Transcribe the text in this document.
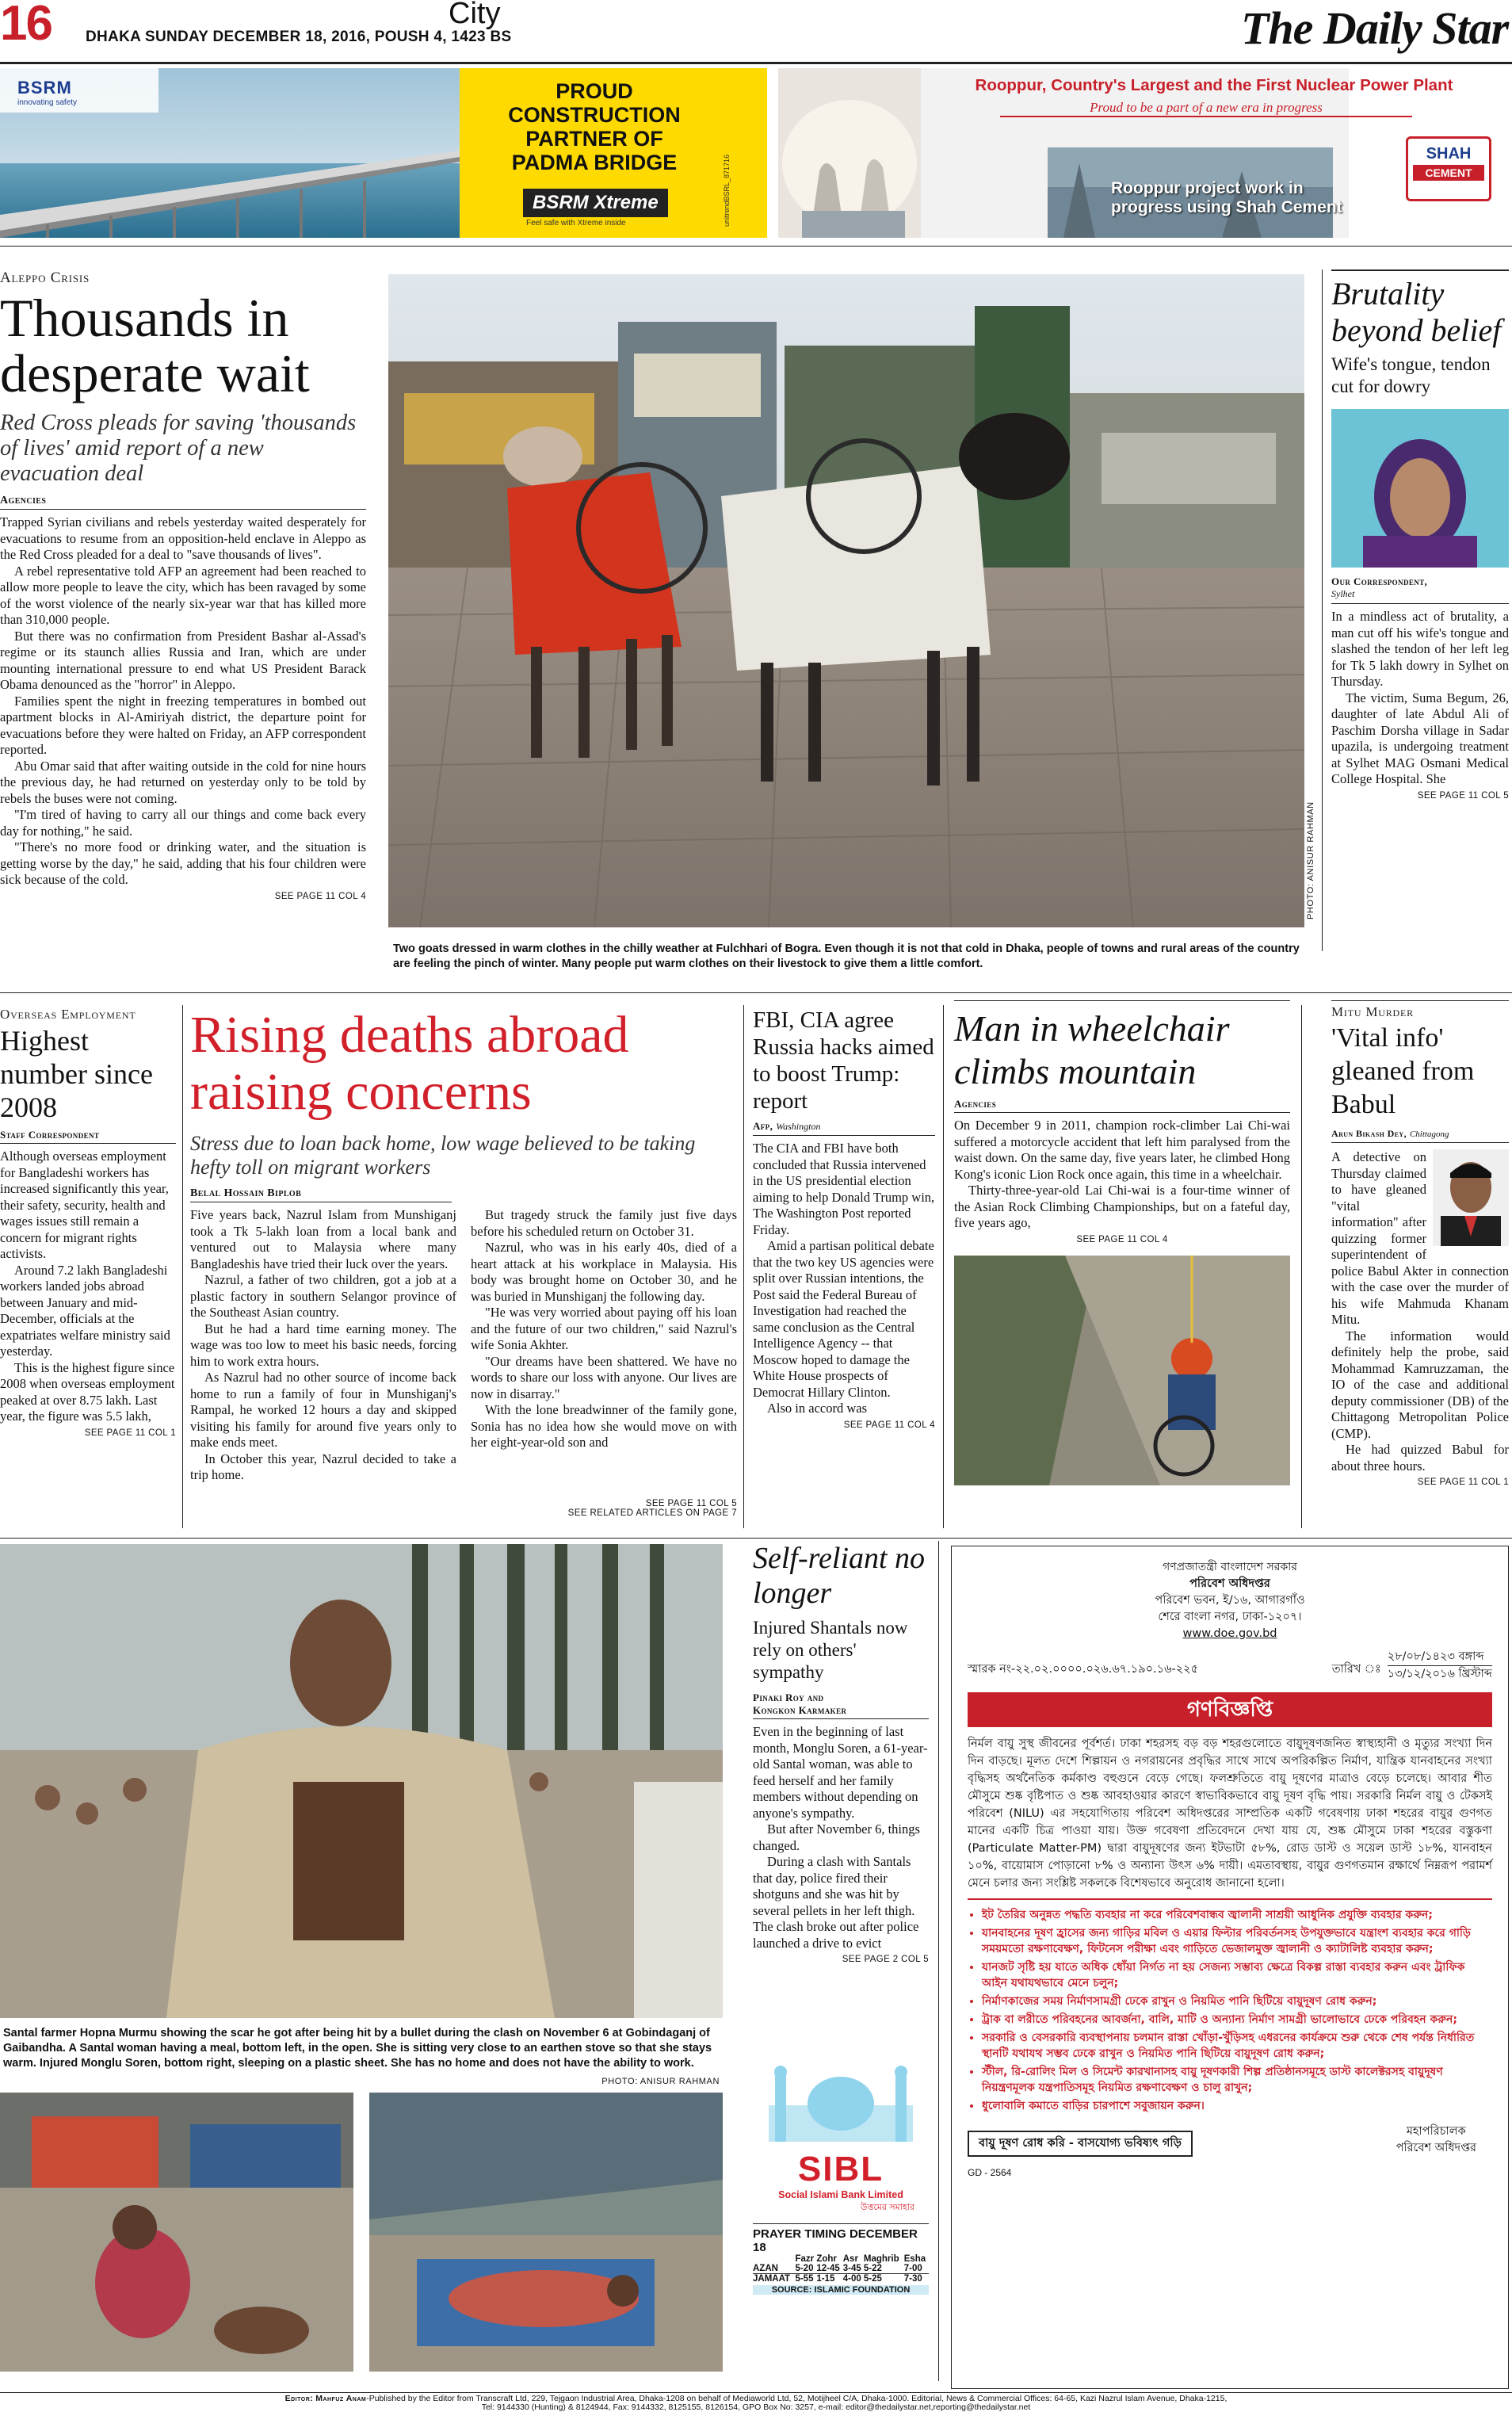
16	City
DHAKA SUNDAY DECEMBER 18, 2016, POUSH 4, 1423 BS	The Daily Star
BSRM
innovating safety	PROUD CONSTRUCTION
PARTNER OF
PADMA BRIDGE
BSRM Xtreme
Feel safe with Xtreme inside	unitrendBSRL_871716
Rooppur, Country's Largest and the First Nuclear Power Plant
Proud to be a part of a new era in progress
SHAH
CEMENT
Rooppur project work in
progress using Shah Cement
Aleppo Crisis
Thousands in desperate wait
Red Cross pleads for saving 'thousands of lives' amid report of a new evacuation deal
Agencies

Trapped Syrian civilians and rebels yesterday waited desperately for evacuations to resume from an opposition-held enclave in Aleppo as the Red Cross pleaded for a deal to "save thousands of lives".

A rebel representative told AFP an agreement had been reached to allow more people to leave the city, which has been ravaged by some of the worst violence of the nearly six-year war that has killed more than 310,000 people.

But there was no confirmation from President Bashar al-Assad's regime or its staunch allies Russia and Iran, which are under mounting international pressure to end what US President Barack Obama denounced as the "horror" in Aleppo.

Families spent the night in freezing temperatures in bombed out apartment blocks in Al-Amiriyah district, the departure point for evacuations before they were halted on Friday, an AFP correspondent reported.

Abu Omar said that after waiting outside in the cold for nine hours the previous day, he had returned on yesterday only to be told by rebels the buses were not coming.

"I'm tired of having to carry all our things and come back every day for nothing," he said.

"There's no more food or drinking water, and the situation is getting worse by the day," he said, adding that his four children were sick because of the cold.

SEE PAGE 11 COL 4	PHOTO: ANISUR RAHMAN
Two goats dressed in warm clothes in the chilly weather at Fulchhari of Bogra. Even though it is not that cold in Dhaka, people of towns and rural areas of the country are feeling the pinch of winter. Many people put warm clothes on their livestock to give them a little comfort.
Brutality beyond belief
Wife's tongue, tendon cut for dowry
Our Correspondent,
Sylhet

In a mindless act of brutality, a man cut off his wife's tongue and slashed the tendon of her left leg for Tk 5 lakh dowry in Sylhet on Thursday.

The victim, Suma Begum, 26, daughter of late Abdul Ali of Paschim Dorsha village in Sadar upazila, is undergoing treatment at Sylhet MAG Osmani Medical College Hospital. She

SEE PAGE 11 COL 5
Overseas Employment
Highest number since 2008
Staff Correspondent

Although overseas employment for Bangladeshi workers has increased significantly this year, their safety, security, health and wages issues still remain a concern for migrant rights activists.

Around 7.2 lakh Bangladeshi workers landed jobs abroad between January and mid-December, officials at the expatriates welfare ministry said yesterday.

This is the highest figure since 2008 when overseas employment peaked at over 8.75 lakh. Last year, the figure was 5.5 lakh,

SEE PAGE 11 COL 1
Rising deaths abroad raising concerns
Stress due to loan back home, low wage believed to be taking hefty toll on migrant workers
Belal Hossain Biplob

Five years back, Nazrul Islam from Munshiganj took a Tk 5-lakh loan from a local bank and ventured out to Malaysia where many Bangladeshis have tried their luck over the years.

Nazrul, a father of two children, got a job at a plastic factory in southern Selangor province of the Southeast Asian country.

But he had a hard time earning money. The wage was too low to meet his basic needs, forcing him to work extra hours.

As Nazrul had no other source of income back home to run a family of four in Munshiganj's Rampal, he worked 12 hours a day and skipped visiting his family for around five years only to make ends meet.

In October this year, Nazrul decided to take a trip home.

But tragedy struck the family just five days before his scheduled return on October 31.

Nazrul, who was in his early 40s, died of a heart attack at his workplace in Malaysia. His body was brought home on October 30, and he was buried in Munshiganj the following day.

"He was very worried about paying off his loan and the future of our two children," said Nazrul's wife Sonia Akhter.

"Our dreams have been shattered. We have no words to share our loss with anyone. Our lives are now in disarray."

With the lone breadwinner of the family gone, Sonia has no idea how she would move on with her eight-year-old son and

SEE PAGE 11 COL 5
SEE RELATED ARTICLES ON PAGE 7
FBI, CIA agree Russia hacks aimed to boost Trump: report
Afp, Washington

The CIA and FBI have both concluded that Russia intervened in the US presidential election aiming to help Donald Trump win, The Washington Post reported Friday.

Amid a partisan political debate that the two key US agencies were split over Russian intentions, the Post said the Federal Bureau of Investigation had reached the same conclusion as the Central Intelligence Agency -- that Moscow hoped to damage the White House prospects of Democrat Hillary Clinton.

Also in accord was

SEE PAGE 11 COL 4
Man in wheelchair climbs mountain
Agencies

On December 9 in 2011, champion rock-climber Lai Chi-wai suffered a motorcycle accident that left him paralysed from the waist down. On the same day, five years later, he climbed Hong Kong's iconic Lion Rock once again, this time in a wheelchair.

Thirty-three-year-old Lai Chi-wai is a four-time winner of the Asian Rock Climbing Championships, but on a fateful day, five years ago,

SEE PAGE 11 COL 4
Mitu Murder
'Vital info' gleaned from Babul
Arun Bikash Dey, Chittagong

A detective on Thursday claimed to have gleaned "vital information" after quizzing former superintendent of police Babul Akter in connection with the case over the murder of his wife Mahmuda Khanam Mitu.

The information would definitely help the probe, said Mohammad Kamruzzaman, the IO of the case and additional deputy commissioner (DB) of the Chittagong Metropolitan Police (CMP).

He had quizzed Babul for about three hours.

SEE PAGE 11 COL 1
Santal farmer Hopna Murmu showing the scar he got after being hit by a bullet during the clash on November 6 at Gobindaganj of Gaibandha. A Santal woman having a meal, bottom left, in the open. She is sitting very close to an earthen stove so that she stays warm. Injured Monglu Soren, bottom right, sleeping on a plastic sheet. She has no home and does not have the ability to work.
PHOTO: ANISUR RAHMAN
Self-reliant no longer
Injured Shantals now rely on others' sympathy
Pinaki Roy and
Kongkon Karmaker

Even in the beginning of last month, Monglu Soren, a 61-year-old Santal woman, was able to feed herself and her family members without depending on anyone's sympathy.

But after November 6, things changed.

During a clash with Santals that day, police fired their shotguns and she was hit by several pellets in her left thigh. The clash broke out after police launched a drive to evict

SEE PAGE 2 COL 5
SIBL
Social Islami Bank Limited
উত্তমের সমাহার
PRAYER TIMING DECEMBER 18
	Fazr	Zohr	Asr	Maghrib	Esha
AZAN	5-20	12-45	3-45	5-22	7-00
JAMAAT	5-55	1-15	4-00	5-25	7-30
SOURCE: ISLAMIC FOUNDATION
গণপ্রজাতন্ত্রী বাংলাদেশ সরকার
পরিবেশ অধিদপ্তর
পরিবেশ ভবন, ই/১৬, আগারগাঁও
শেরে বাংলা নগর, ঢাকা-১২০৭।
www.doe.gov.bd
স্মারক নং-২২.০২.০০০০.০২৬.৬৭.১৯০.১৬-২২৫	তারিখ ঃ
২৮/০৮/১৪২৩ বঙ্গাব্দ
১৩/১২/২০১৬ খ্রিস্টাব্দ
গণবিজ্ঞপ্তি
নির্মল বায়ু সুস্থ জীবনের পূর্বশর্ত। ঢাকা শহরসহ বড় বড় শহরগুলোতে বায়ুদূষণজনিত স্বাস্থ্যহানী ও মৃত্যুর সংখ্যা দিন দিন বাড়ছে। মূলত দেশে শিল্পায়ন ও নগরায়নের প্রবৃদ্ধির সাথে সাথে অপরিকল্পিত নির্মাণ, যান্ত্রিক যানবাহনের সংখ্যা বৃদ্ধিসহ অর্থনৈতিক কর্মকাণ্ড বহুগুনে বেড়ে গেছে। ফলশ্রুতিতে বায়ু দূষণের মাত্রাও বেড়ে চলেছে। আবার শীত মৌসুমে শুষ্ক বৃষ্টিপাত ও শুষ্ক আবহাওয়ার কারণে স্বাভাবিকভাবে বায়ু দূষণ বৃদ্ধি পায়। সরকারি নির্মল বায়ু ও টেকসই পরিবেশ (NILU) এর সহযোগিতায় পরিবেশ অধিদপ্তরের সাম্প্রতিক একটি গবেষণায় ঢাকা শহরের বায়ুর গুণগত মানের একটি চিত্র পাওয়া যায়। উক্ত গবেষণা প্রতিবেদনে দেখা যায় যে, শুষ্ক মৌসুমে ঢাকা শহরের বস্তুকণা (Particulate Matter-PM) দ্বারা বায়ুদূষণের জন্য ইটভাটা ৫৮%, রোড ডাস্ট ও সয়েল ডাস্ট ১৮%, যানবাহন ১০%, বায়োমাস পোড়ানো ৮% ও অন্যান্য উৎস ৬% দায়ী। এমতাবস্থায়, বায়ুর গুণগতমান রক্ষার্থে নিম্নরূপ পরামর্শ মেনে চলার জন্য সংশ্লিষ্ট সকলকে বিশেষভাবে অনুরোধ জানানো হলো।
• ইট তৈরির অনুন্নত পদ্ধতি ব্যবহার না করে পরিবেশবান্ধব জ্বালানী সাশ্রয়ী আধুনিক প্রযুক্তি ব্যবহার করুন;
• যানবাহনের দূষণ হ্রাসের জন্য গাড়ির মবিল ও এয়ার ফিল্টার পরিবর্তনসহ উপযুক্তভাবে যন্ত্রাংশ ব্যবহার করে গাড়ি সময়মতো রক্ষণাবেক্ষণ, ফিটনেস পরীক্ষা এবং গাড়িতে ভেজালমুক্ত জ্বালানী ও ক্যাটালিষ্ট ব্যবহার করুন;
• যানজট সৃষ্টি হয় যাতে অধিক ধোঁয়া নির্গত না হয় সেজন্য সম্ভাব্য ক্ষেত্রে বিকল্প রাস্তা ব্যবহার করুন এবং ট্রাফিক আইন যথাযথভাবে মেনে চলুন;
• নির্মাণকাজের সময় নির্মাণসামগ্রী ঢেকে রাখুন ও নিয়মিত পানি ছিটিয়ে বায়ুদূষণ রোধ করুন;
• ট্রাক বা লরীতে পরিবহনের আবর্জনা, বালি, মাটি ও অন্যান্য নির্মাণ সামগ্রী ভালোভাবে ঢেকে পরিবহন করুন;
• সরকারি ও বেসরকারি ব্যবস্থাপনায় চলমান রাস্তা খোঁড়া-খুঁড়িসহ এধরনের কার্যক্রমে শুরু থেকে শেষ পর্যন্ত নির্ধারিত স্থানটি যথাযথ সম্ভব ঢেকে রাখুন ও নিয়মিত পানি ছিটিয়ে বায়ুদূষণ রোধ করুন;
• স্টীল, রি-রোলিং মিল ও সিমেন্ট কারখানাসহ বায়ু দূষণকারী শিল্প প্রতিষ্ঠানসমূহে ডাস্ট কালেক্টরসহ বায়ুদূষণ নিয়ন্ত্রণমূলক যন্ত্রপাতিসমূহ নিয়মিত রক্ষণাবেক্ষণ ও চালু রাখুন;
• ধুলোবালি কমাতে বাড়ির চারপাশে সবুজায়ন করুন।
বায়ু দূষণ রোধ করি - বাসযোগ্য ভবিষ্যৎ গড়ি
মহাপরিচালক
পরিবেশ অধিদপ্তর
GD - 2564
Editor: Mahfuz Anam-Published by the Editor from Transcraft Ltd, 229, Tejgaon Industrial Area, Dhaka-1208 on behalf of Mediaworld Ltd, 52, Motijheel C/A, Dhaka-1000. Editorial, News & Commercial Offices: 64-65, Kazi Nazrul Islam Avenue, Dhaka-1215,
Tel: 9144330 (Hunting) & 8124944, Fax: 9144332, 8125155, 8126154, GPO Box No: 3257, e-mail: editor@thedailystar.net,reporting@thedailystar.net
